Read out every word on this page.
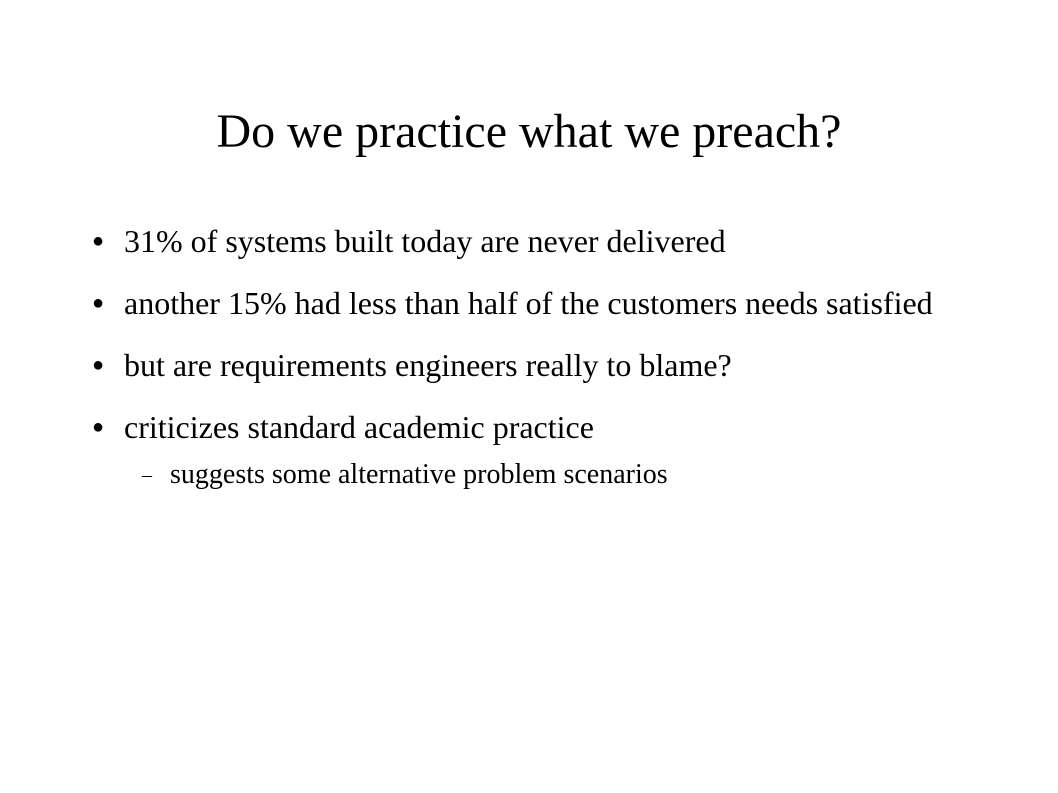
Do we practice what we preach?
● 31% of systems built today are never delivered
● another 15% had less than half of the customers needs satisfied
● but are requirements engineers really to blame?
● criticizes standard academic practice
– suggests some alternative problem scenarios
